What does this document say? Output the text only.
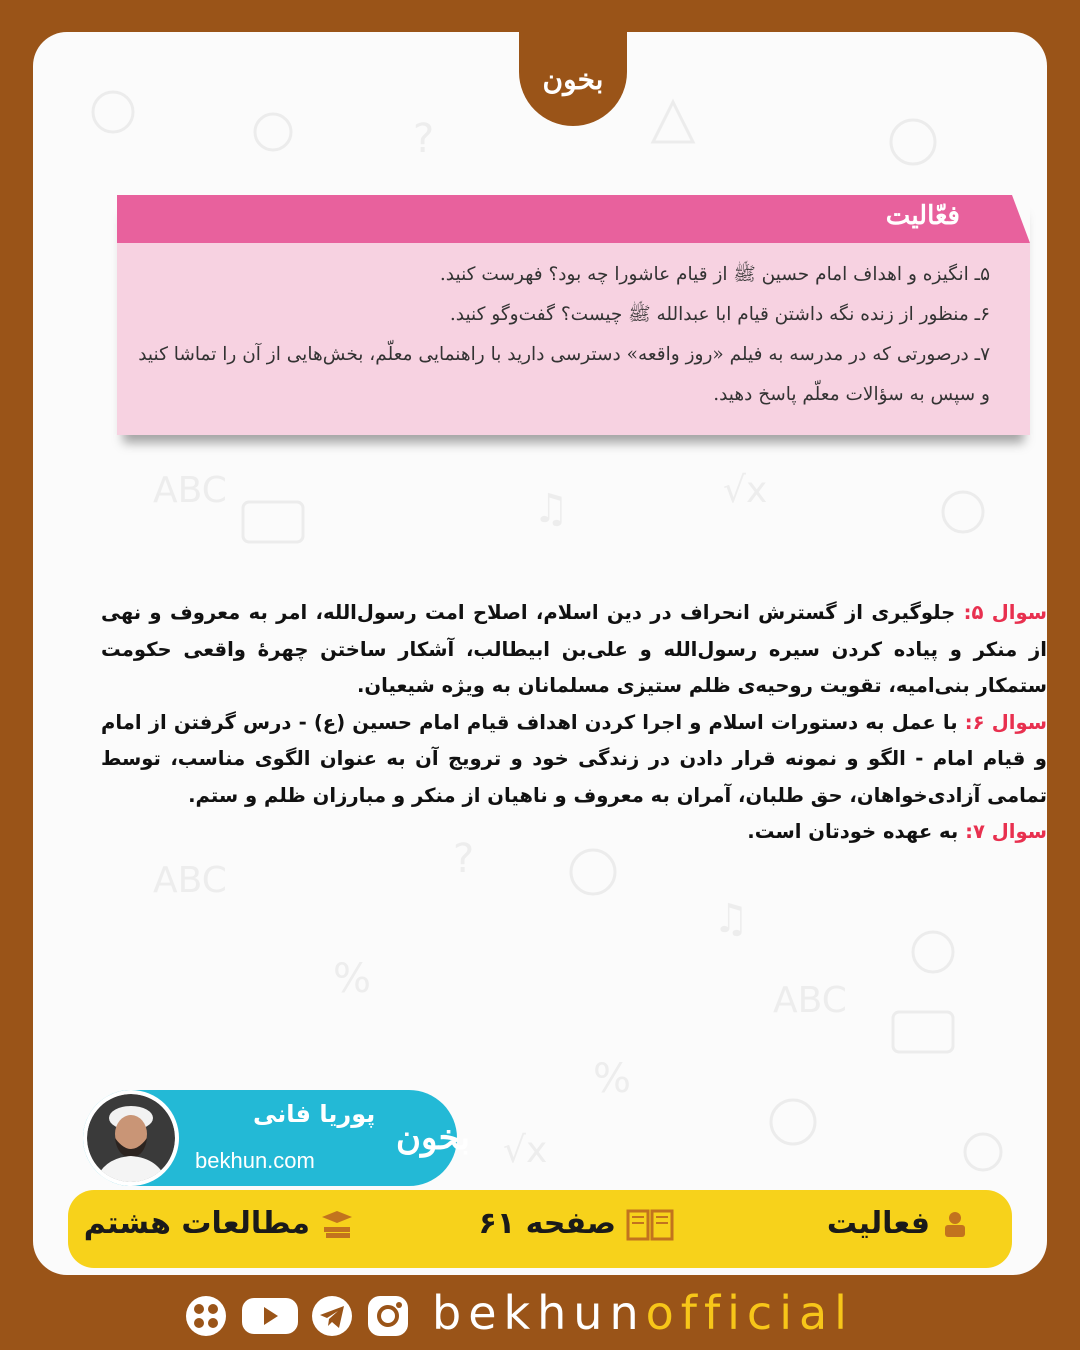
?
ABC	♫	√x
?
ABC
♫
%	ABC
%
√x
بخون
فعّالیت
۵ـ انگیزه و اهداف امام حسین ﷺ از قیام عاشورا چه بود؟ فهرست کنید.
۶ـ منظور از زنده نگه داشتن قیام ابا عبدالله ﷺ چیست؟ گفت‌وگو کنید.
۷ـ درصورتی که در مدرسه به فیلم «روز واقعه» دسترسی دارید با راهنمایی معلّم، بخش‌هایی از آن را تماشا کنید
و سپس به سؤالات معلّم پاسخ دهید.
سوال ۵: جلوگیری از گسترش انحراف در دین اسلام، اصلاح امت رسول‌الله، امر به معروف و نهی از منکر و پیاده کردن سیره رسول‌الله و علی‌بن ابیطالب، آشکار ساختن چهرهٔ واقعی حکومت ستمکار بنی‌امیه، تقویت روحیه‌ی ظلم ستیزی مسلمانان به ویژه شیعیان.
سوال ۶: با عمل به دستورات اسلام و اجرا کردن اهداف قیام امام حسین (ع) - درس گرفتن از امام و قیام امام - الگو و نمونه قرار دادن در زندگی خود و ترویج آن به عنوان الگوی مناسب، توسط تمامی آزادی‌خواهان، حق طلبان، آمران به معروف و ناهیان از منکر و مبارزان ظلم و ستم.
سوال ۷: به عهده خودتان است.
پوریا فانی
bekhun.com
بخون
فعالیت
صفحه ۶۱
مطالعات هشتم
bekhunofficial
